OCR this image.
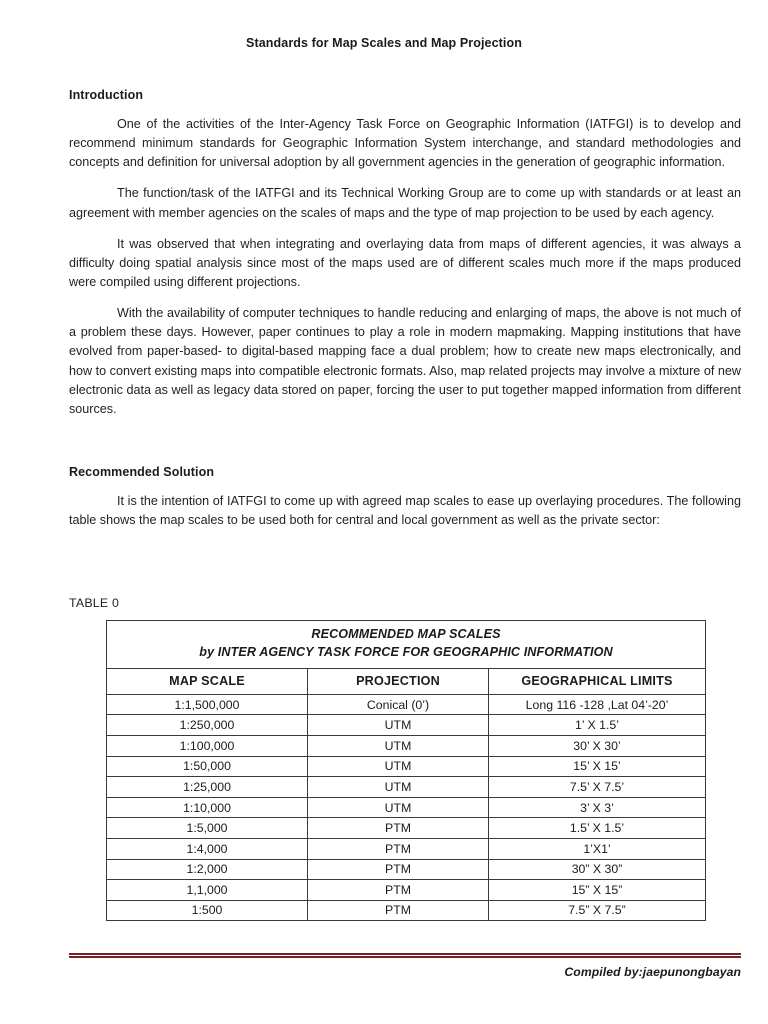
Standards for Map Scales and Map Projection
Introduction

One of the activities of the Inter-Agency Task Force on Geographic Information (IATFGI) is to develop and recommend minimum standards for Geographic Information System interchange, and standard methodologies and concepts and definition for universal adoption by all government agencies in the generation of geographic information.

The function/task of the IATFGI and its Technical Working Group are to come up with standards or at least an agreement with member agencies on the scales of maps and the type of map projection to be used by each agency.

It was observed that when integrating and overlaying data from maps of different agencies, it was always a difficulty doing spatial analysis since most of the maps used are of different scales much more if the maps produced were compiled using different projections.

With the availability of computer techniques to handle reducing and enlarging of maps, the above is not much of a problem these days. However, paper continues to play a role in modern mapmaking. Mapping institutions that have evolved from paper-based- to digital-based mapping face a dual problem; how to create new maps electronically, and how to convert existing maps into compatible electronic formats. Also, map related projects may involve a mixture of new electronic data as well as legacy data stored on paper, forcing the user to put together mapped information from different sources.

Recommended Solution

It is the intention of IATFGI to come up with agreed map scales to ease up overlaying procedures. The following table shows the map scales to be used both for central and local government as well as the private sector:

TABLE 0
RECOMMENDED MAP SCALES
by INTER AGENCY TASK FORCE FOR GEOGRAPHIC INFORMATION		

MAP SCALE	PROJECTION	GEOGRAPHICAL LIMITS
1:1,500,000	Conical (0’)	Long 116 -128 ,Lat 04’-20’
1:250,000	UTM	1’ X 1.5’
1:100,000	UTM	30’ X 30’
1:50,000	UTM	15’ X 15’
1:25,000	UTM	7.5’ X 7.5’
1:10,000	UTM	3’ X 3’
1:5,000	PTM	1.5’ X 1.5’
1:4,000	PTM	1’X1’
1:2,000	PTM	30” X 30”
1,1,000	PTM	15” X 15”
1:500	PTM	7.5” X 7.5”
Compiled by:jaepunongbayan
